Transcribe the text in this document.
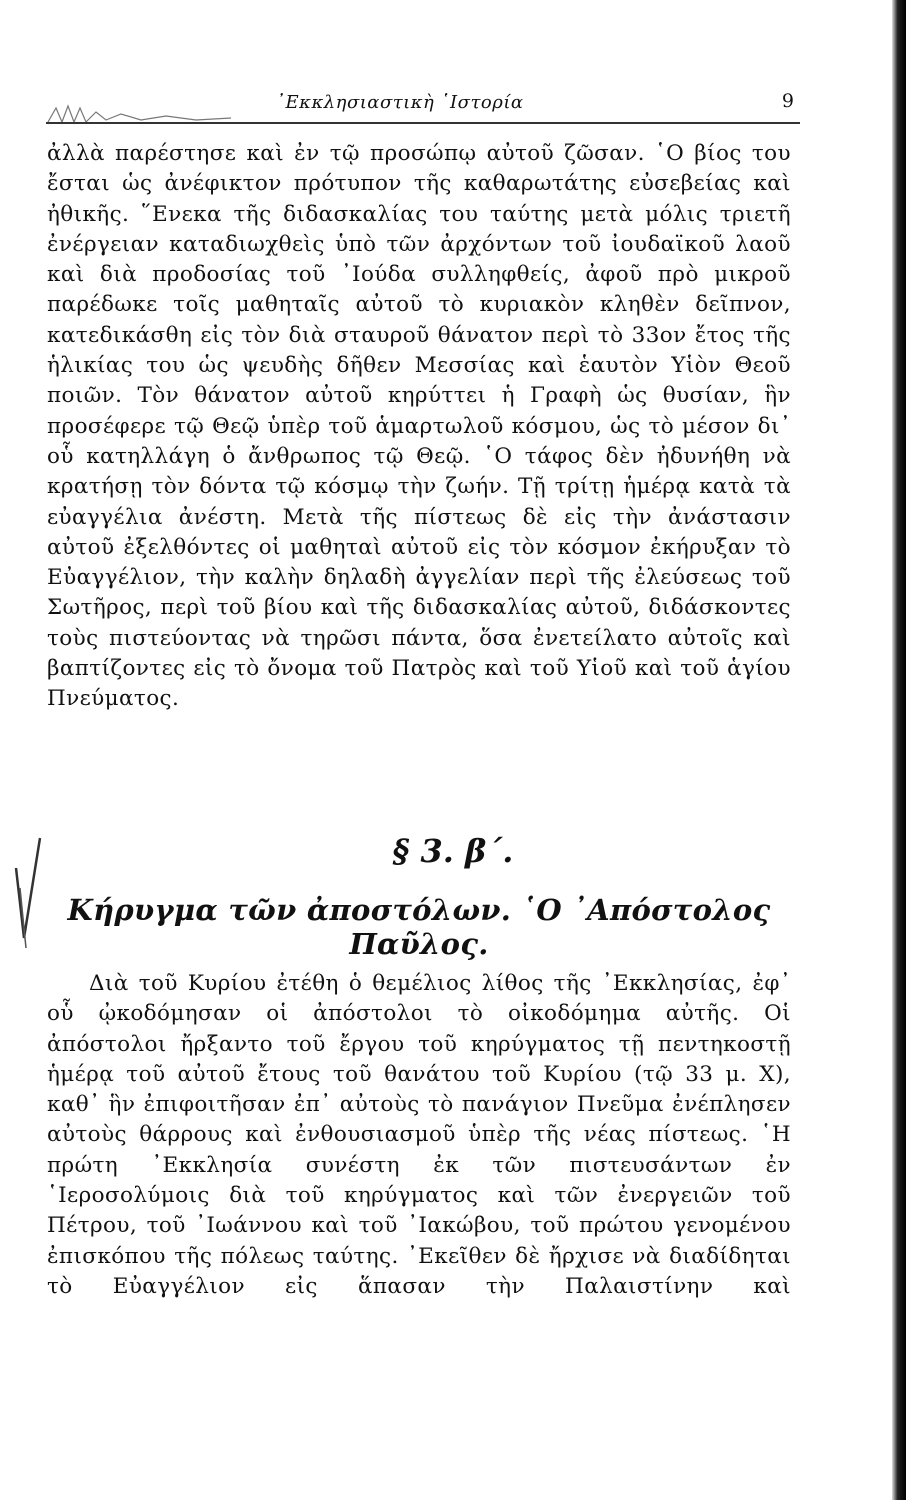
᾿Εκκλησιαστικὴ ῾Ιστορία	9

ἀλλὰ παρέστησε καὶ ἐν τῷ προσώπῳ αὐτοῦ ζῶσαν. ῾Ο βίος του ἔσται ὡς ἀνέφικτον πρότυπον τῆς καθαρωτάτης εὐσεβείας καὶ ἠθικῆς. ῞Ενεκα τῆς διδασκαλίας του ταύτης μετὰ μόλις τριετῆ ἐνέργειαν καταδιωχθεὶς ὑπὸ τῶν ἀρχόντων τοῦ ἰουδαϊκοῦ λαοῦ καὶ διὰ προδοσίας τοῦ ᾿Ιούδα συλληφθείς, ἀφοῦ πρὸ μικροῦ παρέδωκε τοῖς μαθηταῖς αὐτοῦ τὸ κυριακὸν κληθὲν δεῖπνον, κατεδικάσθη εἰς τὸν διὰ σταυροῦ θάνατον περὶ τὸ 33ον ἔτος τῆς ἡλικίας του ὡς ψευδὴς δῆθεν Μεσσίας καὶ ἑαυτὸν Υἱὸν Θεοῦ ποιῶν. Τὸν θάνατον αὐτοῦ κηρύττει ἡ Γραφὴ ὡς θυσίαν, ἣν προσέφερε τῷ Θεῷ ὑπὲρ τοῦ ἁμαρτωλοῦ κόσμου, ὡς τὸ μέσον δι᾿ οὗ κατηλλάγη ὁ ἄνθρωπος τῷ Θεῷ. ῾Ο τάφος δὲν ἠδυνήθη νὰ κρατήσῃ τὸν δόντα τῷ κόσμῳ τὴν ζωήν. Τῇ τρίτῃ ἡμέρᾳ κατὰ τὰ εὐαγγέλια ἀνέστη. Μετὰ τῆς πίστεως δὲ εἰς τὴν ἀνάστασιν αὐτοῦ ἐξελθόντες οἱ μαθηταὶ αὐτοῦ εἰς τὸν κόσμον ἐκήρυξαν τὸ Εὐαγγέλιον, τὴν καλὴν δηλαδὴ ἀγγελίαν περὶ τῆς ἐλεύσεως τοῦ Σωτῆρος, περὶ τοῦ βίου καὶ τῆς διδασκαλίας αὐτοῦ, διδάσκοντες τοὺς πιστεύοντας νὰ τηρῶσι πάντα, ὅσα ἐνετείλατο αὐτοῖς καὶ βαπτίζοντες εἰς τὸ ὄνομα τοῦ Πατρὸς καὶ τοῦ Υἱοῦ καὶ τοῦ ἁγίου Πνεύματος.

§ 3. β΄.
Κήρυγμα τῶν ἀποστόλων. ῾Ο ᾿Απόστολος Παῦλος.

Διὰ τοῦ Κυρίου ἐτέθη ὁ θεμέλιος λίθος τῆς ᾿Εκκλησίας, ἐφ᾿ οὗ ᾠκοδόμησαν οἱ ἀπόστολοι τὸ οἰκοδόμημα αὐτῆς. Οἱ ἀπόστολοι ἤρξαντο τοῦ ἔργου τοῦ κηρύγματος τῇ πεντηκοστῇ ἡμέρᾳ τοῦ αὐτοῦ ἔτους τοῦ θανάτου τοῦ Κυρίου (τῷ 33 μ. Χ), καθ᾿ ἣν ἐπιφοιτῆσαν ἐπ᾿ αὐτοὺς τὸ πανάγιον Πνεῦμα ἐνέπλησεν αὐτοὺς θάρρους καὶ ἐνθουσιασμοῦ ὑπὲρ τῆς νέας πίστεως. ῾Η πρώτη ᾿Εκκλησία συνέστη ἐκ τῶν πιστευσάντων ἐν ῾Ιεροσολύμοις διὰ τοῦ κηρύγματος καὶ τῶν ἐνεργειῶν τοῦ Πέτρου, τοῦ ᾿Ιωάννου καὶ τοῦ ᾿Ιακώβου, τοῦ πρώτου γενομένου ἐπισκόπου τῆς πόλεως ταύτης. ᾿Εκεῖθεν δὲ ἤρχισε νὰ διαδίδηται τὸ Εὐαγγέλιον εἰς ἅπασαν τὴν Παλαιστίνην καὶ
